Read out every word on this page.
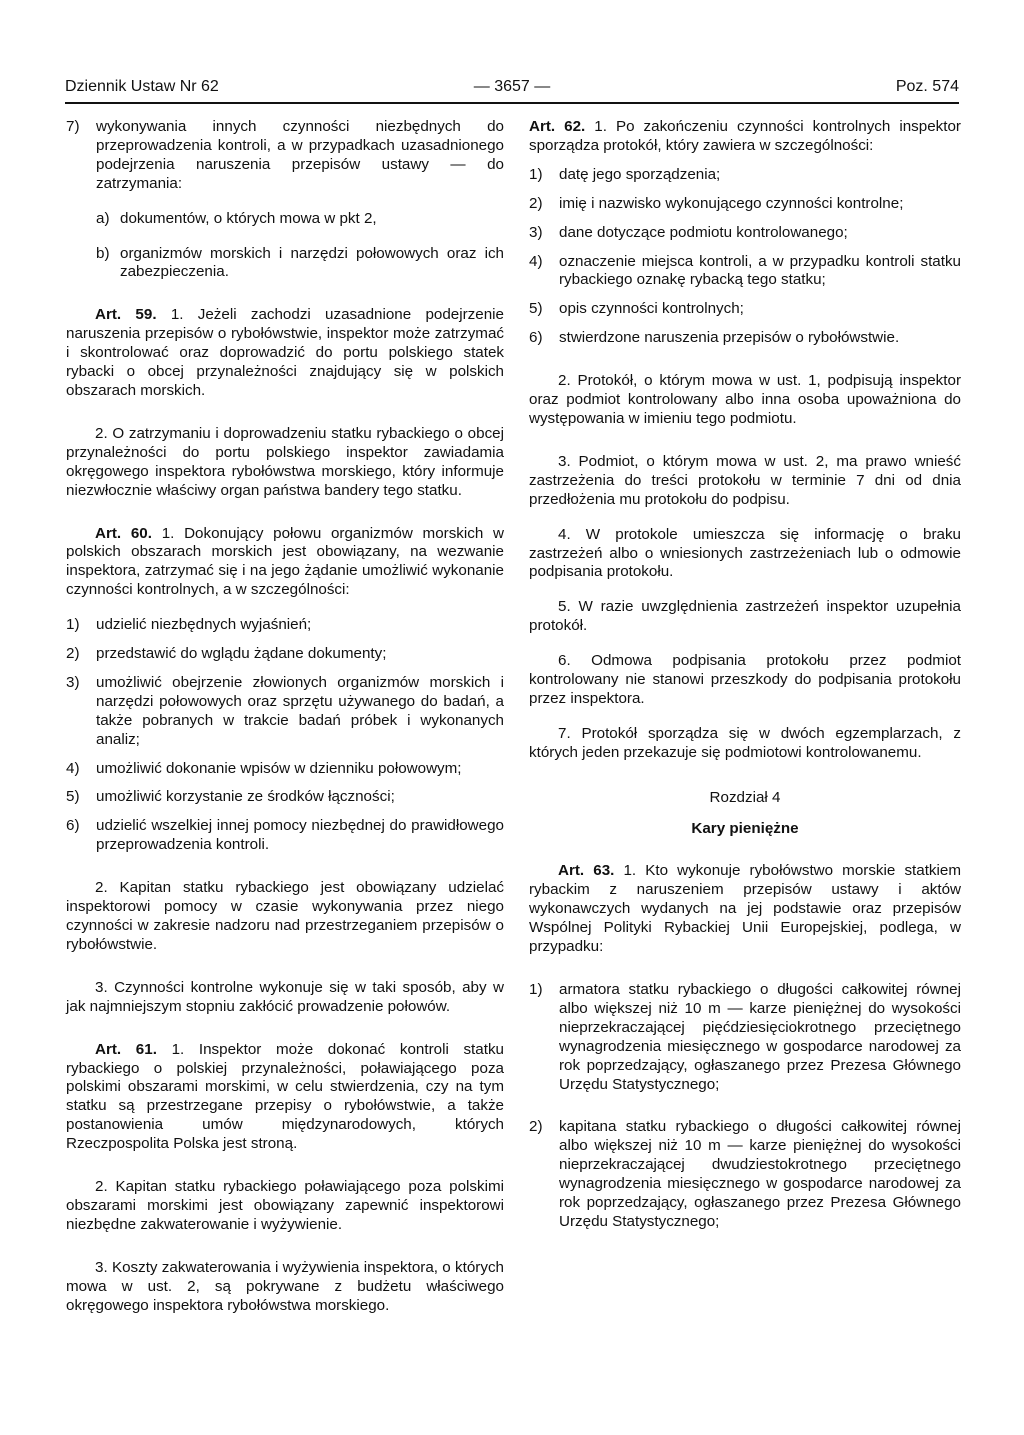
Dziennik Ustaw Nr 62	— 3657 —	Poz. 574
7) wykonywania innych czynności niezbędnych do przeprowadzenia kontroli, a w przypadkach uzasadnionego podejrzenia naruszenia przepisów ustawy — do zatrzymania:
a) dokumentów, o których mowa w pkt 2,
b) organizmów morskich i narzędzi połowowych oraz ich zabezpieczenia.

Art. 59. 1. Jeżeli zachodzi uzasadnione podejrzenie naruszenia przepisów o rybołówstwie, inspektor może zatrzymać i skontrolować oraz doprowadzić do portu polskiego statek rybacki o obcej przynależności znajdujący się w polskich obszarach morskich.

2. O zatrzymaniu i doprowadzeniu statku rybackiego o obcej przynależności do portu polskiego inspektor zawiadamia okręgowego inspektora rybołówstwa morskiego, który informuje niezwłocznie właściwy organ państwa bandery tego statku.

Art. 60. 1. Dokonujący połowu organizmów morskich w polskich obszarach morskich jest obowiązany, na wezwanie inspektora, zatrzymać się i na jego żądanie umożliwić wykonanie czynności kontrolnych, a w szczególności:

1) udzielić niezbędnych wyjaśnień;
2) przedstawić do wglądu żądane dokumenty;
3) umożliwić obejrzenie złowionych organizmów morskich i narzędzi połowowych oraz sprzętu używanego do badań, a także pobranych w trakcie badań próbek i wykonanych analiz;
4) umożliwić dokonanie wpisów w dzienniku połowowym;
5) umożliwić korzystanie ze środków łączności;
6) udzielić wszelkiej innej pomocy niezbędnej do prawidłowego przeprowadzenia kontroli.

2. Kapitan statku rybackiego jest obowiązany udzielać inspektorowi pomocy w czasie wykonywania przez niego czynności w zakresie nadzoru nad przestrzeganiem przepisów o rybołówstwie.

3. Czynności kontrolne wykonuje się w taki sposób, aby w jak najmniejszym stopniu zakłócić prowadzenie połowów.

Art. 61. 1. Inspektor może dokonać kontroli statku rybackiego o polskiej przynależności, poławiającego poza polskimi obszarami morskimi, w celu stwierdzenia, czy na tym statku są przestrzegane przepisy o rybołówstwie, a także postanowienia umów międzynarodowych, których Rzeczpospolita Polska jest stroną.

2. Kapitan statku rybackiego poławiającego poza polskimi obszarami morskimi jest obowiązany zapewnić inspektorowi niezbędne zakwaterowanie i wyżywienie.

3. Koszty zakwaterowania i wyżywienia inspektora, o których mowa w ust. 2, są pokrywane z budżetu właściwego okręgowego inspektora rybołówstwa morskiego.

Art. 62. 1. Po zakończeniu czynności kontrolnych inspektor sporządza protokół, który zawiera w szczególności:

1) datę jego sporządzenia;
2) imię i nazwisko wykonującego czynności kontrolne;
3) dane dotyczące podmiotu kontrolowanego;
4) oznaczenie miejsca kontroli, a w przypadku kontroli statku rybackiego oznakę rybacką tego statku;
5) opis czynności kontrolnych;
6) stwierdzone naruszenia przepisów o rybołówstwie.

2. Protokół, o którym mowa w ust. 1, podpisują inspektor oraz podmiot kontrolowany albo inna osoba upoważniona do występowania w imieniu tego podmiotu.

3. Podmiot, o którym mowa w ust. 2, ma prawo wnieść zastrzeżenia do treści protokołu w terminie 7 dni od dnia przedłożenia mu protokołu do podpisu.

4. W protokole umieszcza się informację o braku zastrzeżeń albo o wniesionych zastrzeżeniach lub o odmowie podpisania protokołu.

5. W razie uwzględnienia zastrzeżeń inspektor uzupełnia protokół.

6. Odmowa podpisania protokołu przez podmiot kontrolowany nie stanowi przeszkody do podpisania protokołu przez inspektora.

7. Protokół sporządza się w dwóch egzemplarzach, z których jeden przekazuje się podmiotowi kontrolowanemu.

Rozdział 4

Kary pieniężne

Art. 63. 1. Kto wykonuje rybołówstwo morskie statkiem rybackim z naruszeniem przepisów ustawy i aktów wykonawczych wydanych na jej podstawie oraz przepisów Wspólnej Polityki Rybackiej Unii Europejskiej, podlega, w przypadku:

1) armatora statku rybackiego o długości całkowitej równej albo większej niż 10 m — karze pieniężnej do wysokości nieprzekraczającej pięćdziesięciokrotnego przeciętnego wynagrodzenia miesięcznego w gospodarce narodowej za rok poprzedzający, ogłaszanego przez Prezesa Głównego Urzędu Statystycznego;
2) kapitana statku rybackiego o długości całkowitej równej albo większej niż 10 m — karze pieniężnej do wysokości nieprzekraczającej dwudziestokrotnego przeciętnego wynagrodzenia miesięcznego w gospodarce narodowej za rok poprzedzający, ogłaszanego przez Prezesa Głównego Urzędu Statystycznego;
